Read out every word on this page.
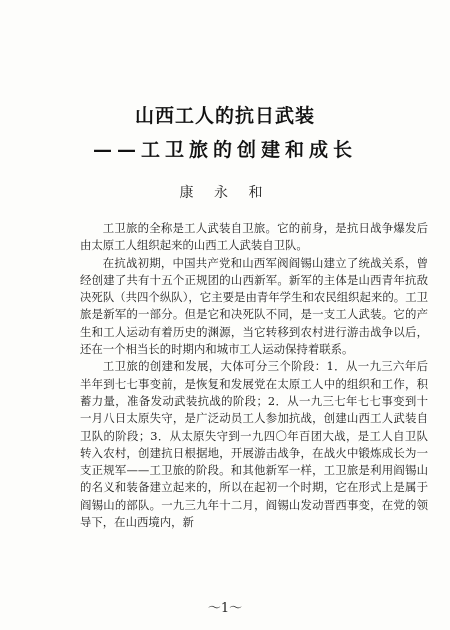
山西工人的抗日武装
——工卫旅的创建和成长
康 永 和

工卫旅的全称是工人武装自卫旅。它的前身，是抗日战争爆发后由太原工人组织起来的山西工人武装自卫队。

在抗战初期，中国共产党和山西军阀阎锡山建立了统战关系，曾经创建了共有十五个正规团的山西新军。新军的主体是山西青年抗敌决死队（共四个纵队），它主要是由青年学生和农民组织起来的。工卫旅是新军的一部分。但是它和决死队不同，是一支工人武装。它的产生和工人运动有着历史的渊源，当它转移到农村进行游击战争以后，还在一个相当长的时期内和城市工人运动保持着联系。

工卫旅的创建和发展，大体可分三个阶段：1．从一九三六年后半年到七七事变前，是恢复和发展党在太原工人中的组织和工作，积蓄力量，准备发动武装抗战的阶段；2．从一九三七年七七事变到十一月八日太原失守，是广泛动员工人参加抗战，创建山西工人武装自卫队的阶段；3．从太原失守到一九四〇年百团大战，是工人自卫队转入农村，创建抗日根据地，开展游击战争，在战火中锻炼成长为一支正规军——工卫旅的阶段。和其他新军一样，工卫旅是利用阎锡山的名义和装备建立起来的，所以在起初一个时期，它在形式上是属于阎锡山的部队。一九三九年十二月，阎锡山发动晋西事变，在党的领导下，在山西境内，新

～1～
